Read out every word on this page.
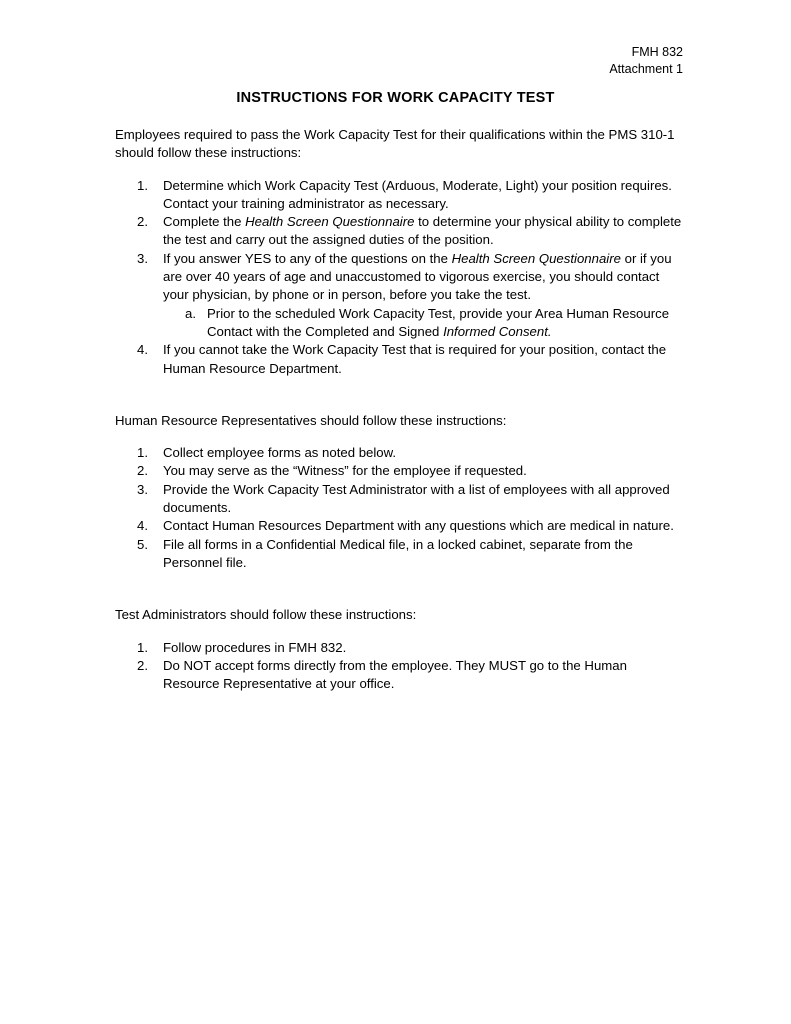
FMH 832
Attachment 1
INSTRUCTIONS FOR WORK CAPACITY TEST

Employees required to pass the Work Capacity Test for their qualifications within the PMS 310-1 should follow these instructions:

1.	Determine which Work Capacity Test (Arduous, Moderate, Light) your position requires. Contact your training administrator as necessary.
2.	Complete the Health Screen Questionnaire to determine your physical ability to complete the test and carry out the assigned duties of the position.
3.	If you answer YES to any of the questions on the Health Screen Questionnaire or if you are over 40 years of age and unaccustomed to vigorous exercise, you should contact your physician, by phone or in person, before you take the test.
a. Prior to the scheduled Work Capacity Test, provide your Area Human Resource Contact with the Completed and Signed Informed Consent.
4.	If you cannot take the Work Capacity Test that is required for your position, contact the Human Resource Department.

Human Resource Representatives should follow these instructions:

1.	Collect employee forms as noted below.
2.	You may serve as the “Witness” for the employee if requested.
3.	Provide the Work Capacity Test Administrator with a list of employees with all approved documents.
4.	Contact Human Resources Department with any questions which are medical in nature.
5.	File all forms in a Confidential Medical file, in a locked cabinet, separate from the Personnel file.

Test Administrators should follow these instructions:

1.	Follow procedures in FMH 832.
2.	Do NOT accept forms directly from the employee. They MUST go to the Human Resource Representative at your office.
